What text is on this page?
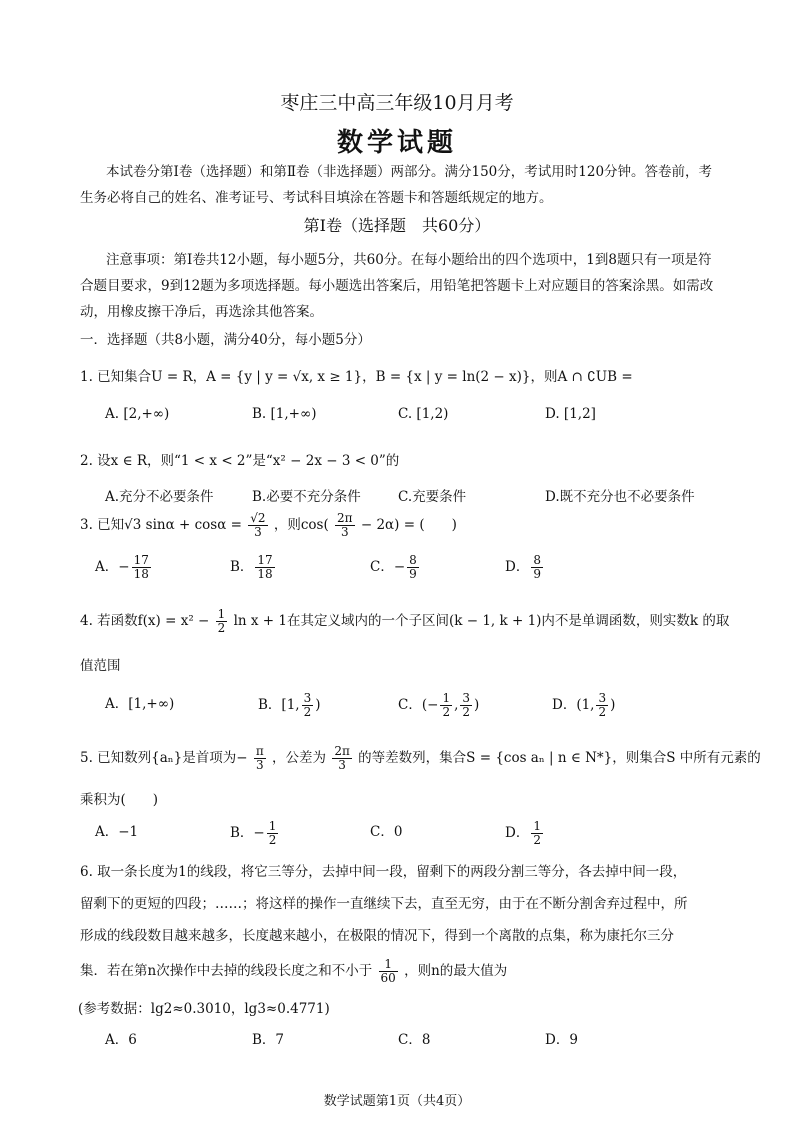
枣庄三中高三年级10月月考
数学试题
本试卷分第Ⅰ卷（选择题）和第Ⅱ卷（非选择题）两部分。满分150分，考试用时120分钟。答卷前，考生务必将自己的姓名、准考证号、考试科目填涂在答题卡和答题纸规定的地方。
第Ⅰ卷（选择题　共60分）
注意事项：第Ⅰ卷共12小题，每小题5分，共60分。在每小题给出的四个选项中，1到8题只有一项是符合题目要求，9到12题为多项选择题。每小题选出答案后，用铅笔把答题卡上对应题目的答案涂黑。如需改动，用橡皮擦干净后，再选涂其他答案。
一．选择题（共8小题，满分40分，每小题5分）
1. 已知集合U = R，A = {y | y = √x, x ≥ 1}，B = {x | y = ln(2 − x)}，则A ∩ ∁UB =
A. [2,+∞)	B. [1,+∞)	C. [1,2)	D. [1,2]
2. 设x ∈ R，则“1 < x < 2”是“x² − 2x − 3 < 0”的
A.充分不必要条件	B.必要不充分条件	C.充要条件	D.既不充分也不必要条件
3. 已知√3 $\sin\alpha + \cos\alpha = \frac{√2}{3}$ ，则$\cos( \frac{2\pi}{3} - 2\alpha)$ = (　　)
A．− $\frac{17}{18}$	B． $\frac{17}{18}$	C．− $\frac{8}{9}$	D． $\frac{8}{9}$
4. 若函数$f(x) = x^2 - \frac{1}{2}$ ln x + 1在其定义域内的一个子区间(k − 1, k + 1)内不是单调函数，则实数k 的取
值范围
A．[1,+∞)	B．[1, $\frac{3}{2}$ )	C．(− $\frac{1}{2}$ , $\frac{3}{2}$ )	D．(1, $\frac{3}{2}$ )
5. 已知数列{aₙ}是首项为− $\frac{\pi}{3}$ ，公差为 $\frac{2\pi}{3}$ 的等差数列，集合S = {cos aₙ | n ∈ N*}，则集合S 中所有元素的
乘积为(　　)
A．−1	B．− $\frac{1}{2}$	C．0	D． $\frac{1}{2}$
6. 取一条长度为1的线段，将它三等分，去掉中间一段，留剩下的两段分割三等分，各去掉中间一段，
留剩下的更短的四段；……；将这样的操作一直继续下去，直至无穷，由于在不断分割舍弃过程中，所
形成的线段数目越来越多，长度越来越小，在极限的情况下，得到一个离散的点集，称为康托尔三分
集．若在第n次操作中去掉的线段长度之和不小于 $\frac{1}{60}$ ，则n的最大值为
(参考数据：lg2≈0.3010，lg3≈0.4771)
A．6	B．7	C．8	D．9
数学试题第1页（共4页）
